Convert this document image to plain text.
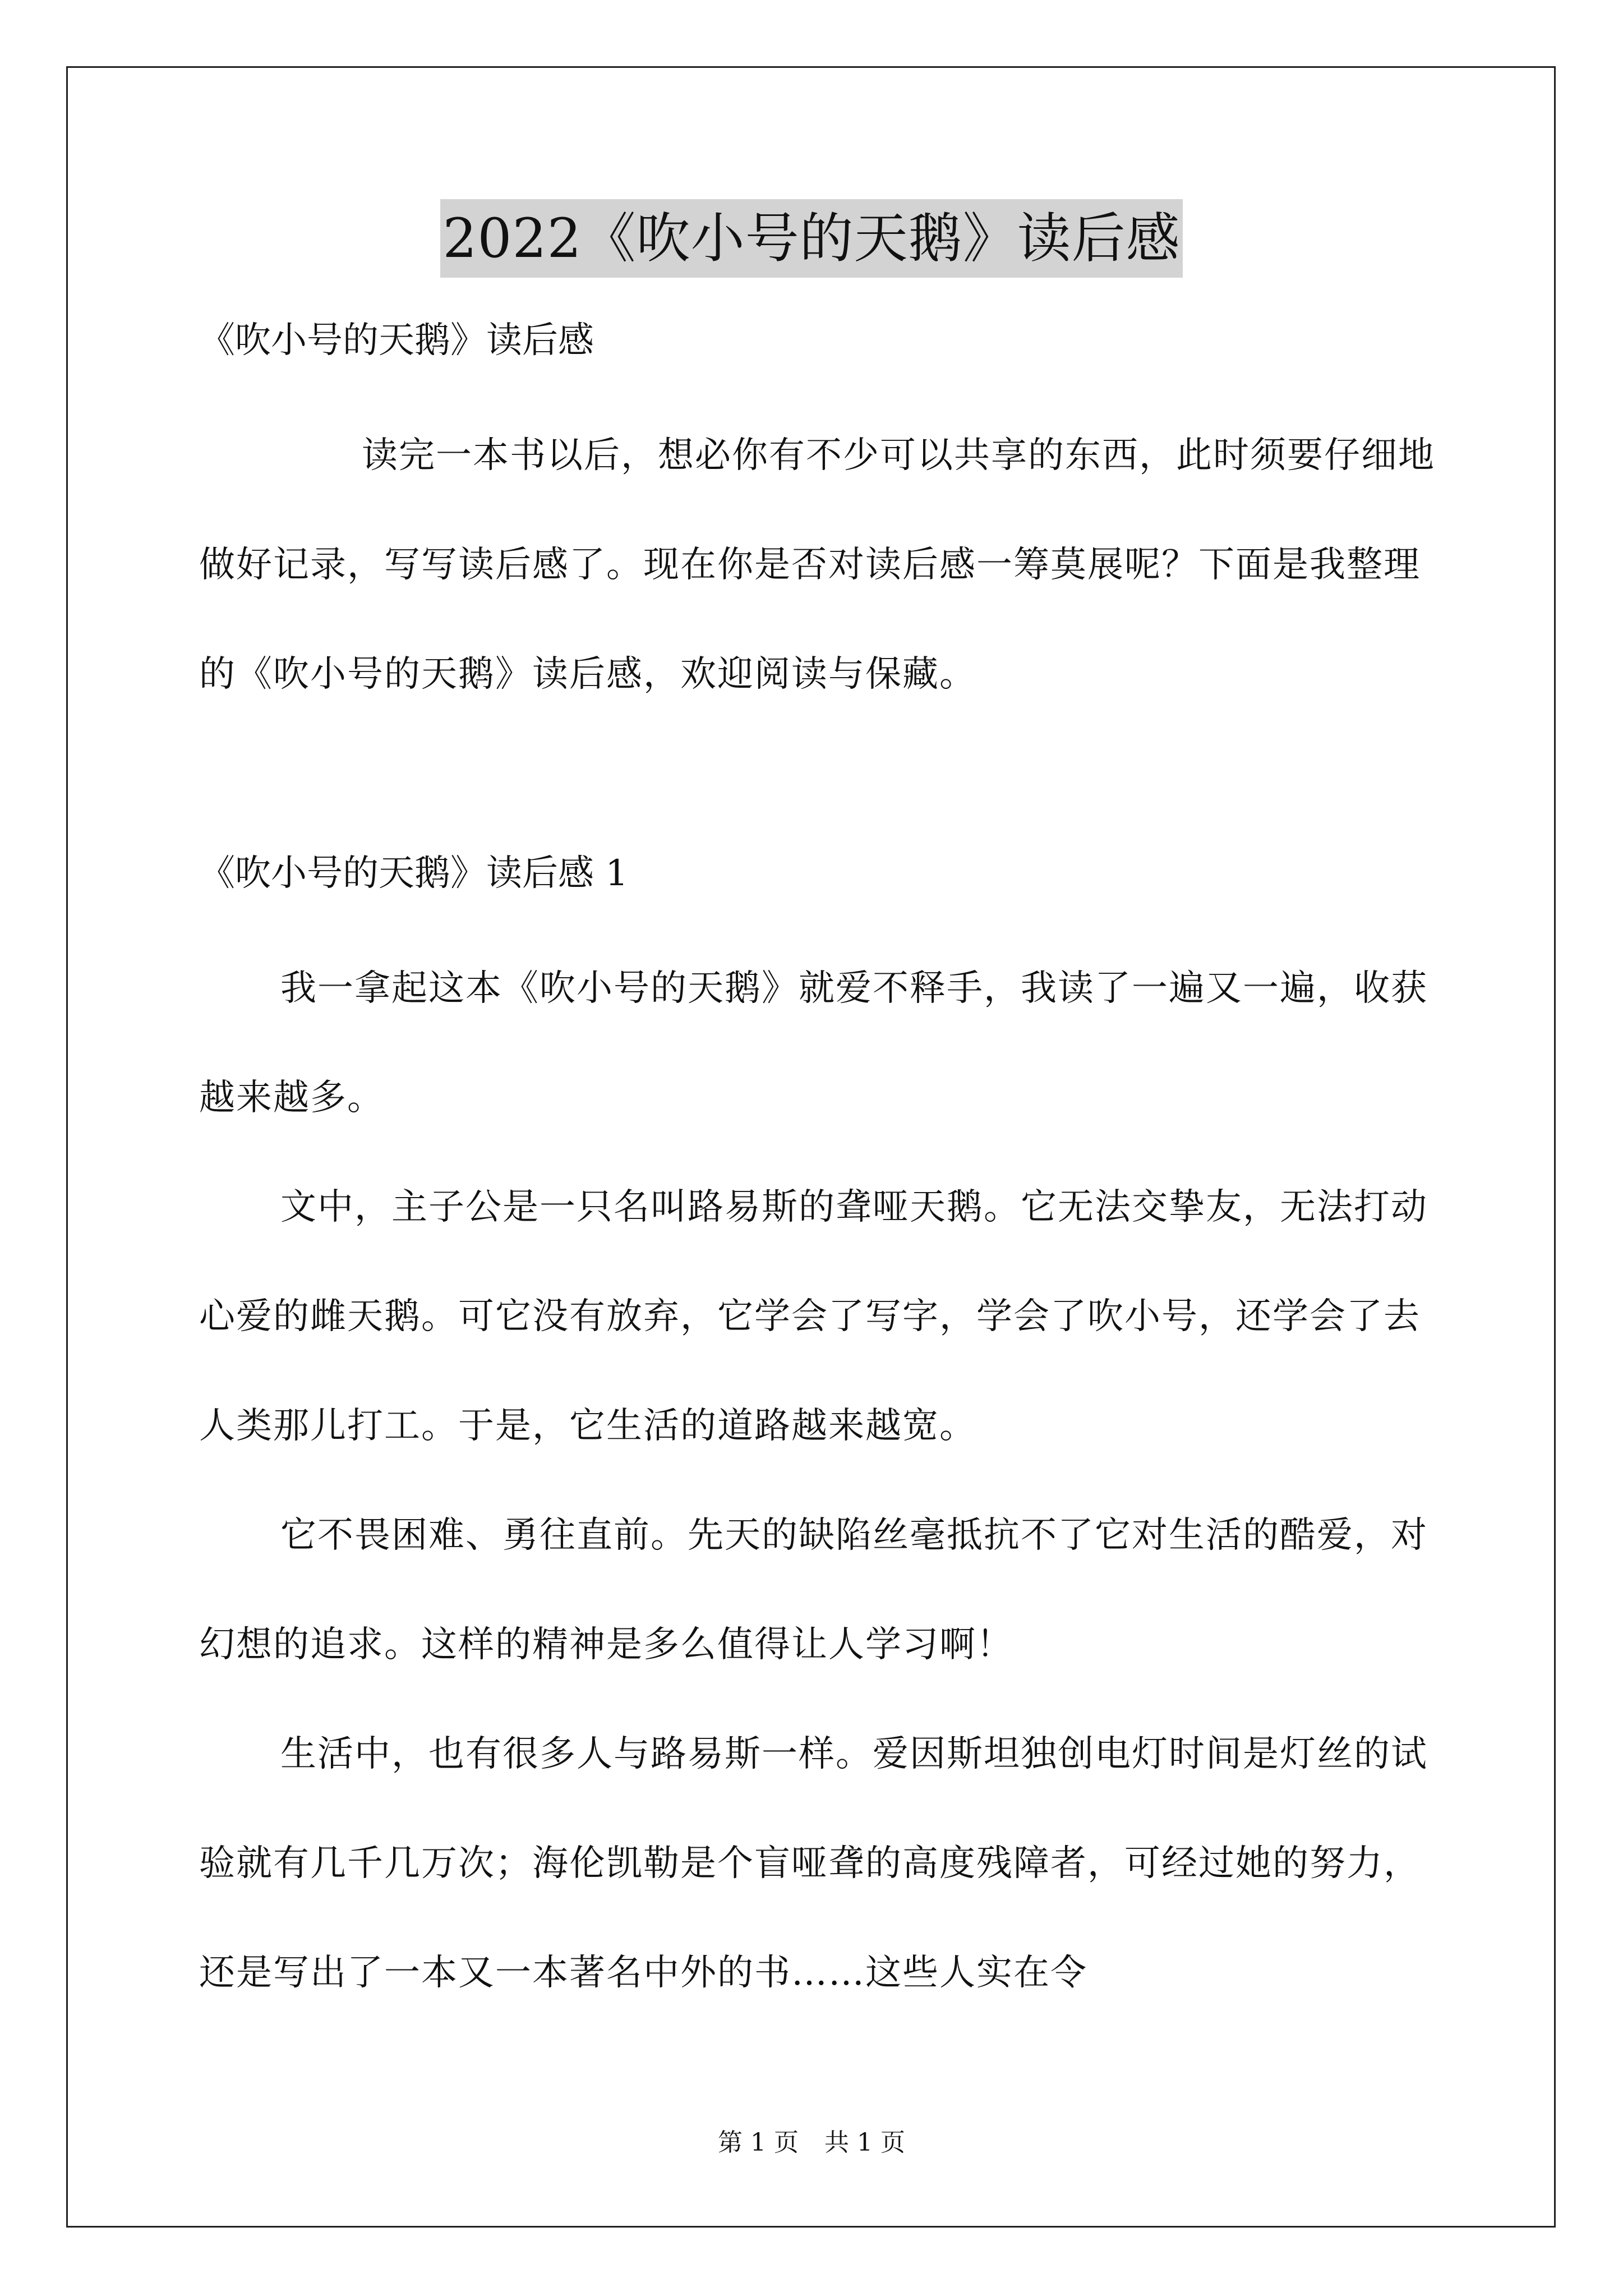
2022《吹小号的天鹅》读后感

《吹小号的天鹅》读后感

读完一本书以后，想必你有不少可以共享的东西，此时须要仔细地做好记录，写写读后感了。现在你是否对读后感一筹莫展呢？下面是我整理的《吹小号的天鹅》读后感，欢迎阅读与保藏。

《吹小号的天鹅》读后感 1

我一拿起这本《吹小号的天鹅》就爱不释手，我读了一遍又一遍，收获越来越多。

文中，主子公是一只名叫路易斯的聋哑天鹅。它无法交挚友，无法打动心爱的雌天鹅。可它没有放弃，它学会了写字，学会了吹小号，还学会了去人类那儿打工。于是，它生活的道路越来越宽。

它不畏困难、勇往直前。先天的缺陷丝毫抵抗不了它对生活的酷爱，对幻想的追求。这样的精神是多么值得让人学习啊！

生活中，也有很多人与路易斯一样。爱因斯坦独创电灯时间是灯丝的试验就有几千几万次；海伦凯勒是个盲哑聋的高度残障者，可经过她的努力，还是写出了一本又一本著名中外的书……这些人实在令

第 1 页 共 1 页
